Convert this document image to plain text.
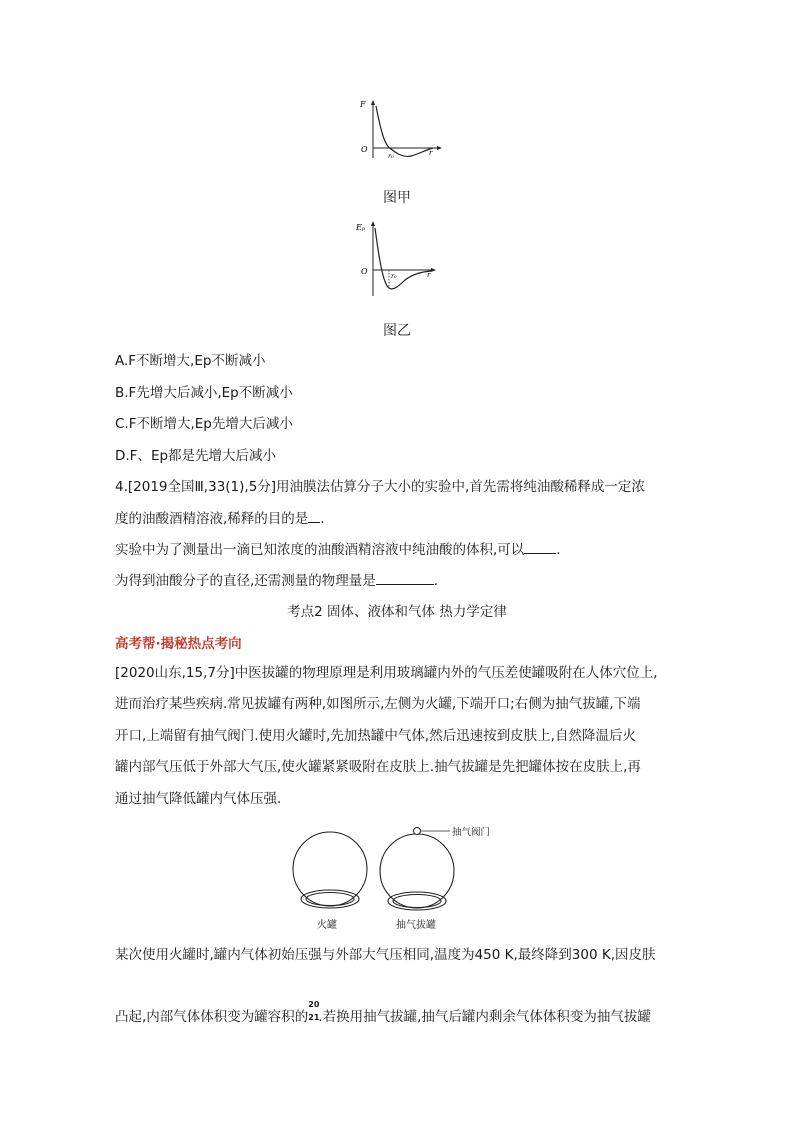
F
O
r₀	r
图甲
Eₚ
O	r₀	r
图乙
A.F不断增大,Ep不断减小
B.F先增大后减小,Ep不断减小
C.F不断增大,Ep先增大后减小
D.F、Ep都是先增大后减小
4.[2019全国Ⅲ,33(1),5分]用油膜法估算分子大小的实验中,首先需将纯油酸稀释成一定浓
度的油酸酒精溶液,稀释的目的是 .
实验中为了测量出一滴已知浓度的油酸酒精溶液中纯油酸的体积,可以 .
为得到油酸分子的直径,还需测量的物理量是	.
考点2 固体、液体和气体 热力学定律
高考帮·揭秘热点考向
[2020山东,15,7分]中医拔罐的物理原理是利用玻璃罐内外的气压差使罐吸附在人体穴位上,
进而治疗某些疾病.常见拔罐有两种,如图所示,左侧为火罐,下端开口;右侧为抽气拔罐,下端
开口,上端留有抽气阀门.使用火罐时,先加热罐中气体,然后迅速按到皮肤上,自然降温后火
罐内部气压低于外部大气压,使火罐紧紧吸附在皮肤上.抽气拔罐是先把罐体按在皮肤上,再
通过抽气降低罐内气体压强.
抽气阀门
火罐	抽气拔罐
某次使用火罐时,罐内气体初始压强与外部大气压相同,温度为450 K,最终降到300 K,因皮肤
凸起,内部气体体积变为罐容积的
20
21
.若换用抽气拔罐,抽气后罐内剩余气体体积变为抽气拔罐
